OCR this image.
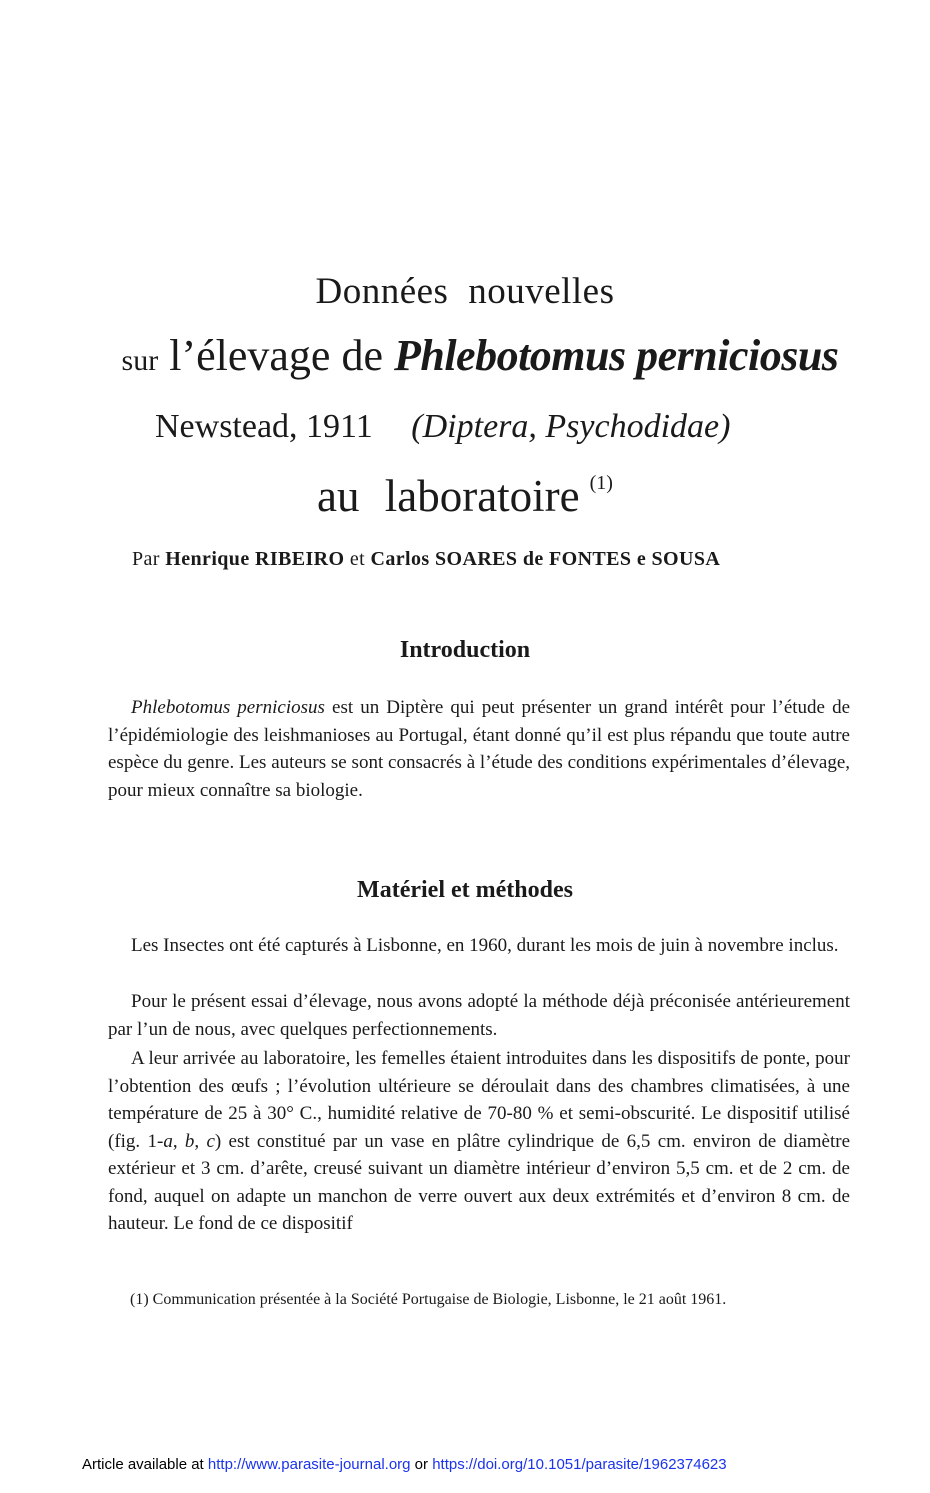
Données nouvelles
sur l’élevage de Phlebotomus perniciosus
Newstead, 1911 (Diptera, Psychodidae)
au laboratoire $^{(1)}$
Par Henrique RIBEIRO et Carlos SOARES de FONTES e SOUSA
Introduction
Phlebotomus perniciosus est un Diptère qui peut présenter un grand intérêt pour l’étude de l’épidémiologie des leishmanioses au Portugal, étant donné qu’il est plus répandu que toute autre espèce du genre. Les auteurs se sont consacrés à l’étude des conditions expérimentales d’élevage, pour mieux connaître sa biologie.
Matériel et méthodes
Les Insectes ont été capturés à Lisbonne, en 1960, durant les mois de juin à novembre inclus.
Pour le présent essai d’élevage, nous avons adopté la méthode déjà préconisée antérieurement par l’un de nous, avec quelques perfectionnements.
A leur arrivée au laboratoire, les femelles étaient introduites dans les dispositifs de ponte, pour l’obtention des œufs ; l’évolution ultérieure se déroulait dans des chambres climatisées, à une température de 25 à 30° C., humidité relative de 70-80 % et semi-obscurité. Le dispositif utilisé (fig. 1-a, b, c) est constitué par un vase en plâtre cylindrique de 6,5 cm. environ de diamètre extérieur et 3 cm. d’arête, creusé suivant un diamètre intérieur d’environ 5,5 cm. et de 2 cm. de fond, auquel on adapte un manchon de verre ouvert aux deux extrémités et d’environ 8 cm. de hauteur. Le fond de ce dispositif
(1) Communication présentée à la Société Portugaise de Biologie, Lisbonne, le 21 août 1961.
Article available at http://www.parasite-journal.org or https://doi.org/10.1051/parasite/1962374623
